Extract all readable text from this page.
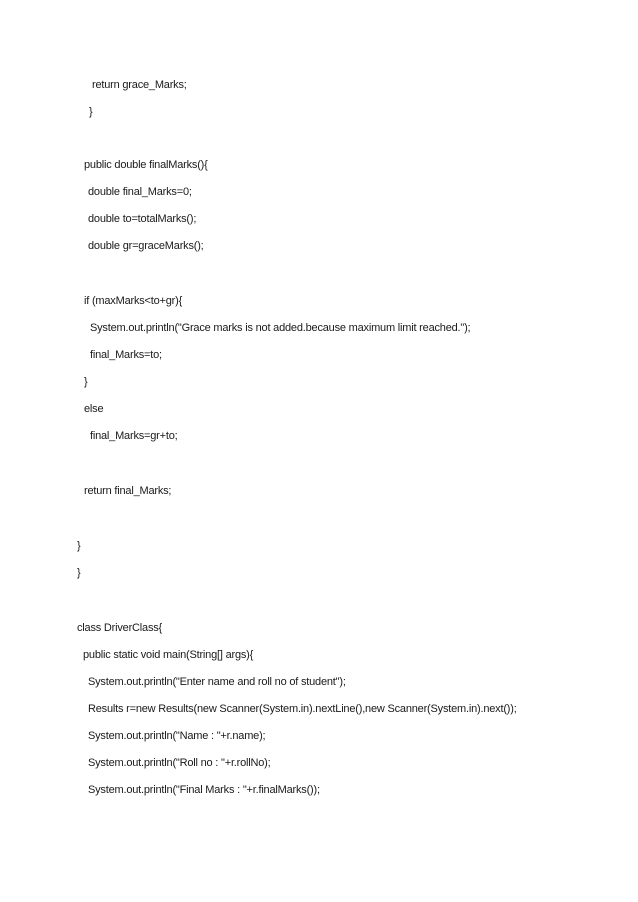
return grace_Marks;
}
public double finalMarks(){
double final_Marks=0;
double to=totalMarks();
double gr=graceMarks();
if (maxMarks<to+gr){
System.out.println("Grace marks is not added.because maximum limit reached.");
final_Marks=to;
}
else
final_Marks=gr+to;
return final_Marks;
}
}
class DriverClass{
public static void main(String[] args){
System.out.println("Enter name and roll no of student");
Results r=new Results(new Scanner(System.in).nextLine(),new Scanner(System.in).next());
System.out.println("Name : "+r.name);
System.out.println("Roll no : "+r.rollNo);
System.out.println("Final Marks : "+r.finalMarks());
